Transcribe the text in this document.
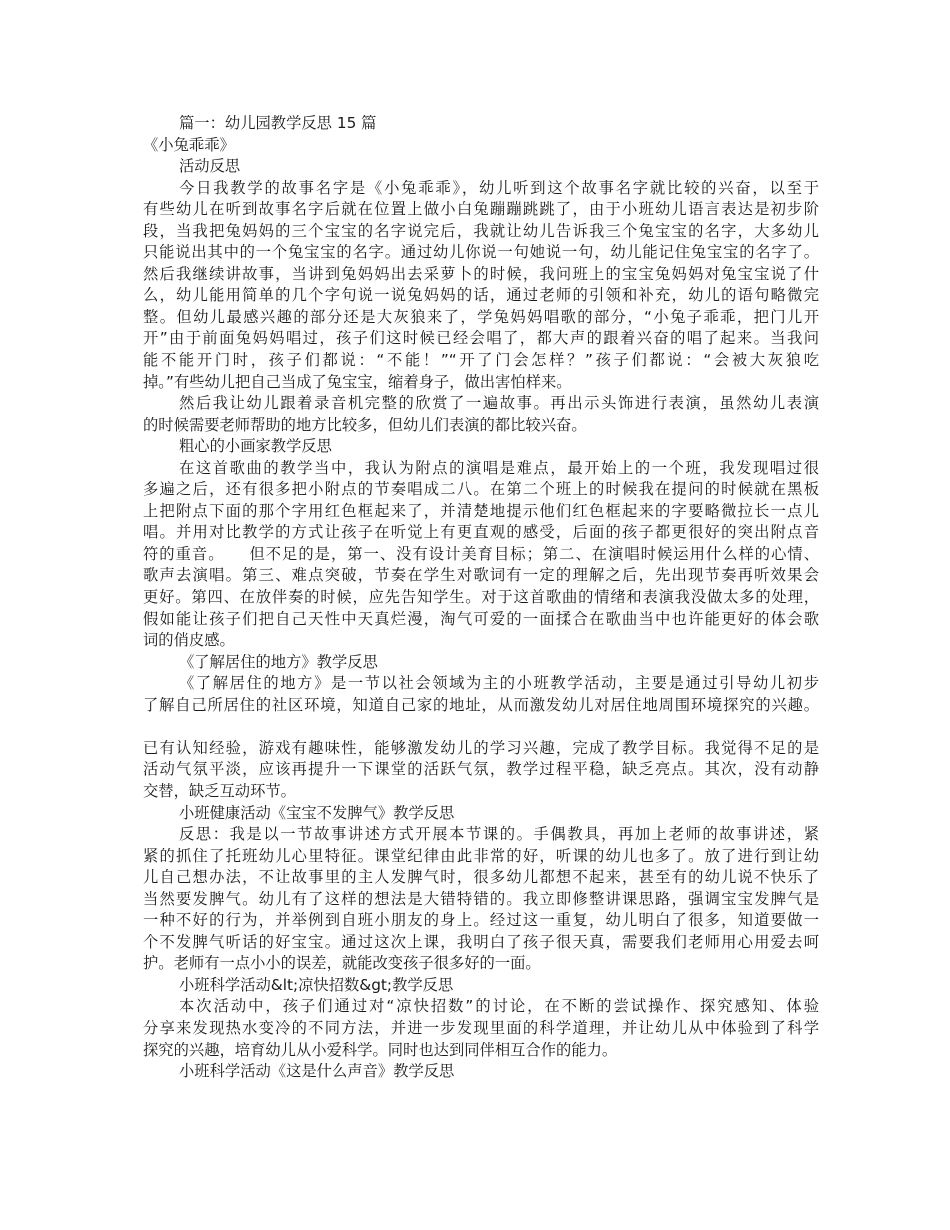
篇一：幼儿园教学反思 15 篇
《小兔乖乖》
活动反思
今日我教学的故事名字是《小兔乖乖》，幼儿听到这个故事名字就比较的兴奋，以至于
有些幼儿在听到故事名字后就在位置上做小白兔蹦蹦跳跳了，由于小班幼儿语言表达是初步阶
段，当我把兔妈妈的三个宝宝的名字说完后，我就让幼儿告诉我三个兔宝宝的名字，大多幼儿
只能说出其中的一个兔宝宝的名字。通过幼儿你说一句她说一句，幼儿能记住兔宝宝的名字了。
然后我继续讲故事，当讲到兔妈妈出去采萝卜的时候，我问班上的宝宝兔妈妈对兔宝宝说了什
么，幼儿能用简单的几个字句说一说兔妈妈的话，通过老师的引领和补充，幼儿的语句略微完
整。但幼儿最感兴趣的部分还是大灰狼来了，学兔妈妈唱歌的部分，“小兔子乖乖，把门儿开
开”由于前面兔妈妈唱过，孩子们这时候已经会唱了，都大声的跟着兴奋的唱了起来。当我问
能不能开门时，孩子们都说：“不能！”“开了门会怎样？”孩子们都说：“会被大灰狼吃
掉。”有些幼儿把自己当成了兔宝宝，缩着身子，做出害怕样来。
然后我让幼儿跟着录音机完整的欣赏了一遍故事。再出示头饰进行表演，虽然幼儿表演
的时候需要老师帮助的地方比较多，但幼儿们表演的都比较兴奋。
粗心的小画家教学反思
在这首歌曲的教学当中，我认为附点的演唱是难点，最开始上的一个班，我发现唱过很
多遍之后，还有很多把小附点的节奏唱成二八。在第二个班上的时候我在提问的时候就在黑板
上把附点下面的那个字用红色框起来了，并清楚地提示他们红色框起来的字要略微拉长一点儿
唱。并用对比教学的方式让孩子在听觉上有更直观的感受，后面的孩子都更很好的突出附点音
符的重音。　　但不足的是，第一、没有设计美育目标；第二、在演唱时候运用什么样的心情、
歌声去演唱。第三、难点突破，节奏在学生对歌词有一定的理解之后，先出现节奏再听效果会
更好。第四、在放伴奏的时候，应先告知学生。对于这首歌曲的情绪和表演我没做太多的处理，
假如能让孩子们把自己天性中天真烂漫，淘气可爱的一面揉合在歌曲当中也许能更好的体会歌
词的俏皮感。
《了解居住的地方》教学反思
《了解居住的地方》是一节以社会领域为主的小班教学活动，主要是通过引导幼儿初步
了解自己所居住的社区环境，知道自己家的地址，从而激发幼儿对居住地周围环境探究的兴趣。
已有认知经验，游戏有趣味性，能够激发幼儿的学习兴趣，完成了教学目标。我觉得不足的是
活动气氛平淡，应该再提升一下课堂的活跃气氛，教学过程平稳，缺乏亮点。其次，没有动静
交替，缺乏互动环节。
小班健康活动《宝宝不发脾气》教学反思
反思：我是以一节故事讲述方式开展本节课的。手偶教具，再加上老师的故事讲述，紧
紧的抓住了托班幼儿心里特征。课堂纪律由此非常的好，听课的幼儿也多了。放了进行到让幼
儿自己想办法，不让故事里的主人发脾气时，很多幼儿都想不起来，甚至有的幼儿说不快乐了
当然要发脾气。幼儿有了这样的想法是大错特错的。我立即修整讲课思路，强调宝宝发脾气是
一种不好的行为，并举例到自班小朋友的身上。经过这一重复，幼儿明白了很多，知道要做一
个不发脾气听话的好宝宝。通过这次上课，我明白了孩子很天真，需要我们老师用心用爱去呵
护。老师有一点小小的误差，就能改变孩子很多好的一面。
小班科学活动&lt;凉快招数&gt;教学反思
本次活动中，孩子们通过对“凉快招数”的讨论，在不断的尝试操作、探究感知、体验
分享来发现热水变冷的不同方法，并进一步发现里面的科学道理，并让幼儿从中体验到了科学
探究的兴趣，培育幼儿从小爱科学。同时也达到同伴相互合作的能力。
小班科学活动《这是什么声音》教学反思
